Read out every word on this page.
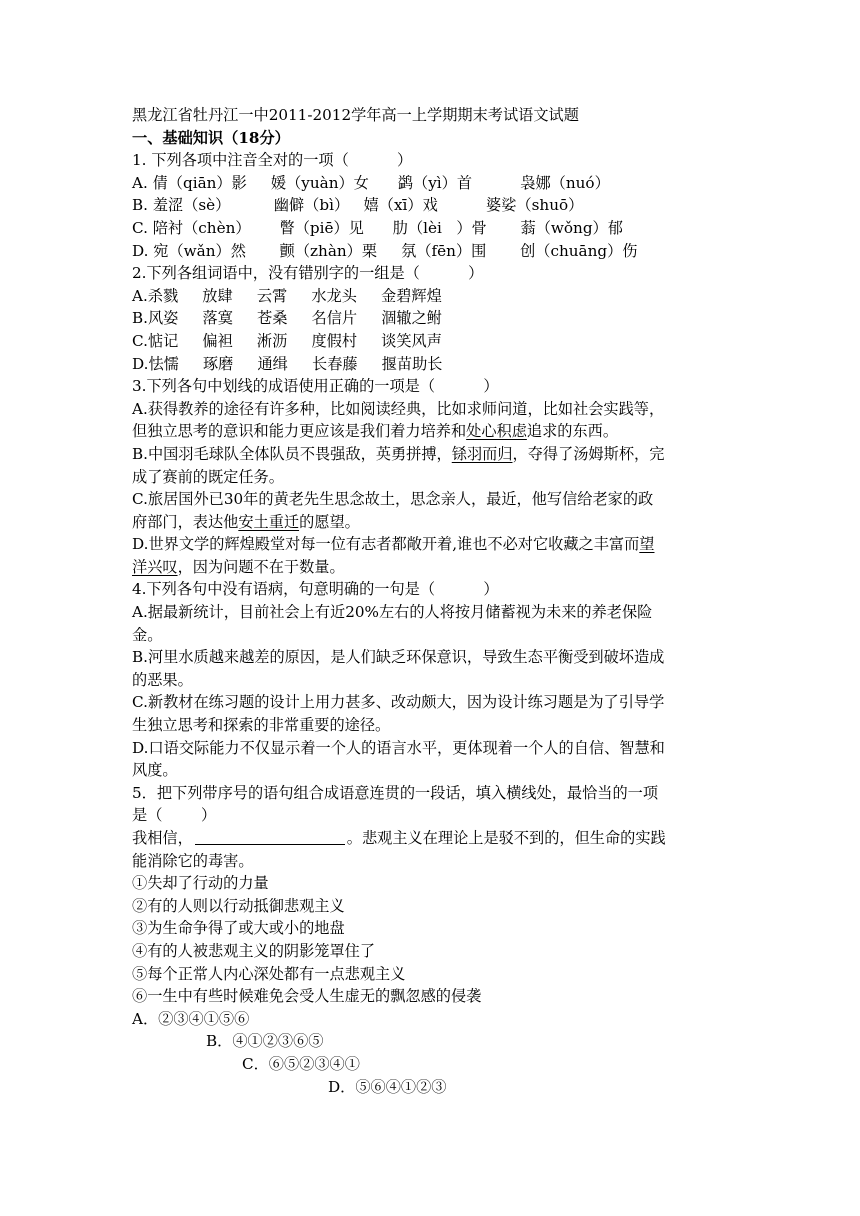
黑龙江省牡丹江一中2011-2012学年高一上学期期末考试语文试题
一、基础知识（18分）
1. 下列各项中注音全对的一项（          ）
A. 倩（qiān）影     媛（yuàn）女      鹢（yì）首          袅娜（nuó）
B. 羞涩（sè）         幽僻（bì）   嬉（xī）戏          婆娑（shuō）
C. 陪衬（chèn）      瞥（piē）见      肋（lèi   ）骨       蓊（wǒng）郁
D. 宛（wǎn）然       颤（zhàn）栗     氛（fēn）围       创（chuāng）伤
2.下列各组词语中，没有错别字的一组是（          ）
A.杀戮     放肆     云霄     水龙头     金碧辉煌
B.风姿     落寞     苍桑     名信片     涸辙之鲋
C.惦记     偏袒     淅沥     度假村     谈笑风声
D.怯懦     琢磨     通缉     长春藤     揠苗助长
3.下列各句中划线的成语使用正确的一项是（          ）
A.获得教养的途径有许多种，比如阅读经典，比如求师问道，比如社会实践等，
但独立思考的意识和能力更应该是我们着力培养和处心积虑追求的东西。
B.中国羽毛球队全体队员不畏强敌，英勇拼搏，铩羽而归，夺得了汤姆斯杯，完
成了赛前的既定任务。
C.旅居国外已30年的黄老先生思念故土，思念亲人，最近，他写信给老家的政
府部门，表达他安土重迁的愿望。
D.世界文学的辉煌殿堂对每一位有志者都敞开着,谁也不必对它收藏之丰富而望
洋兴叹，因为问题不在于数量。
4.下列各句中没有语病，句意明确的一句是（          ）
A.据最新统计，目前社会上有近20%左右的人将按月储蓄视为未来的养老保险
金。
B.河里水质越来越差的原因，是人们缺乏环保意识，导致生态平衡受到破坏造成
的恶果。
C.新教材在练习题的设计上用力甚多、改动颇大，因为设计练习题是为了引导学
生独立思考和探索的非常重要的途径。
D.口语交际能力不仅显示着一个人的语言水平，更体现着一个人的自信、智慧和
风度。
5．把下列带序号的语句组合成语意连贯的一段话，填入横线处，最恰当的一项
是（        ）
我相信，	。悲观主义在理论上是驳不到的，但生命的实践
能消除它的毒害。
①失却了行动的力量
②有的人则以行动抵御悲观主义
③为生命争得了或大或小的地盘
④有的人被悲观主义的阴影笼罩住了
⑤每个正常人内心深处都有一点悲观主义
⑥一生中有些时候难免会受人生虚无的飘忽感的侵袭
A．②③④①⑤⑥
B．④①②③⑥⑤
C．⑥⑤②③④①
D．⑤⑥④①②③
